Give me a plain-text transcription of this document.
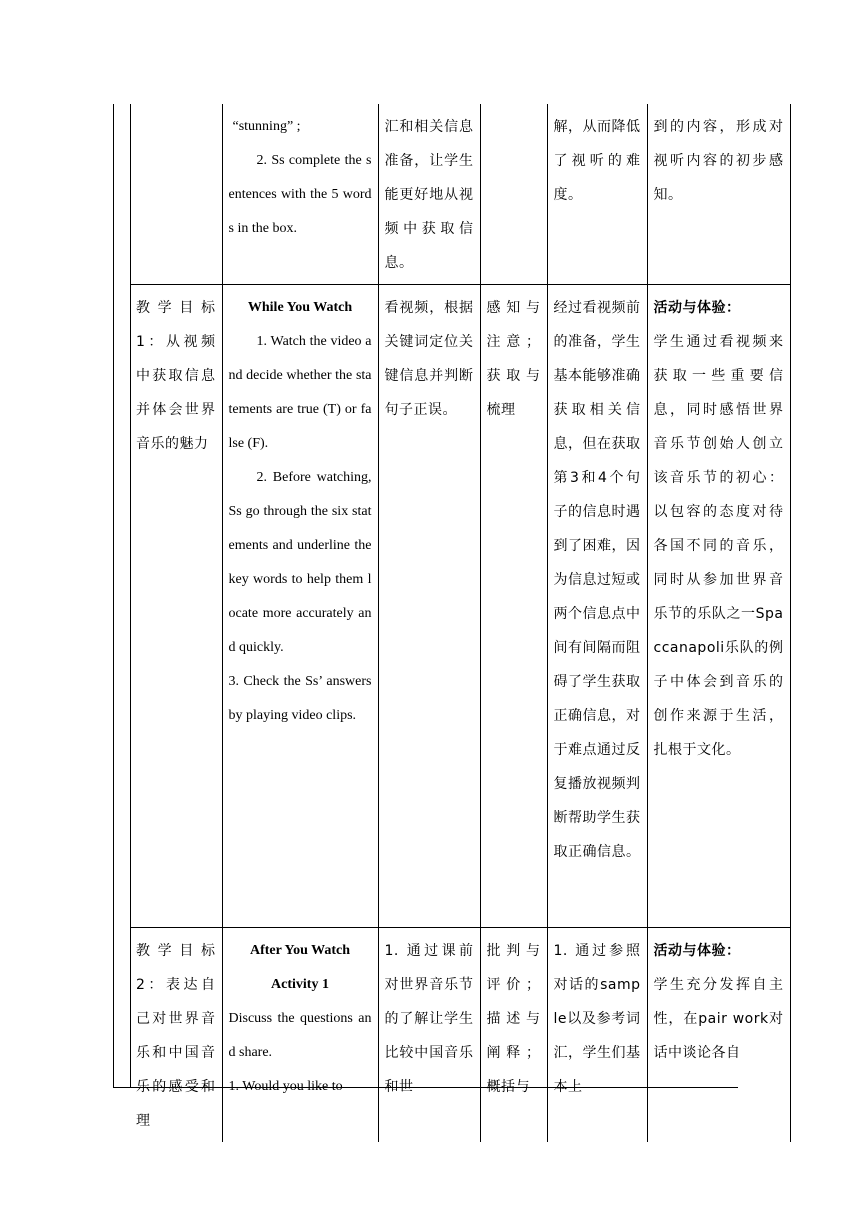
	“stunning” ;
2. Ss complete the sentences with the 5 words in the box.	汇和相关信息准备，让学生能更好地从视频中获取信息。		解，从而降低了视听的难度。	到的内容，形成对视听内容的初步感知。
教学目标1：从视频中获取信息并体会世界音乐的魅力	While You Watch
1. Watch the video and decide whether the statements are true (T) or false (F).
2. Before watching, Ss go through the six statements and underline the key words to help them locate more accurately and quickly.
3. Check the Ss’ answers by playing video clips.	看视频，根据关键词定位关键信息并判断句子正误。	感知与注意；获取与梳理	经过看视频前的准备，学生基本能够准确获取相关信息，但在获取第3和4个句子的信息时遇到了困难，因为信息过短或两个信息点中间有间隔而阻碍了学生获取正确信息，对于难点通过反复播放视频判断帮助学生获取正确信息。	活动与体验：
学生通过看视频来获取一些重要信息，同时感悟世界音乐节创始人创立该音乐节的初心：以包容的态度对待各国不同的音乐，同时从参加世界音乐节的乐队之一Spaccanapoli乐队的例子中体会到音乐的创作来源于生活，扎根于文化。
教学目标2：表达自己对世界音乐和中国音乐的感受和理	After You Watch
Activity 1
Discuss the questions and share.
1. Would you like to	1. 通过课前对世界音乐节的了解让学生比较中国音乐和世	批判与评价；描述与阐释；概括与	1. 通过参照对话的sample以及参考词汇，学生们基本上	活动与体验：
学生充分发挥自主性，在pair work对话中谈论各自
